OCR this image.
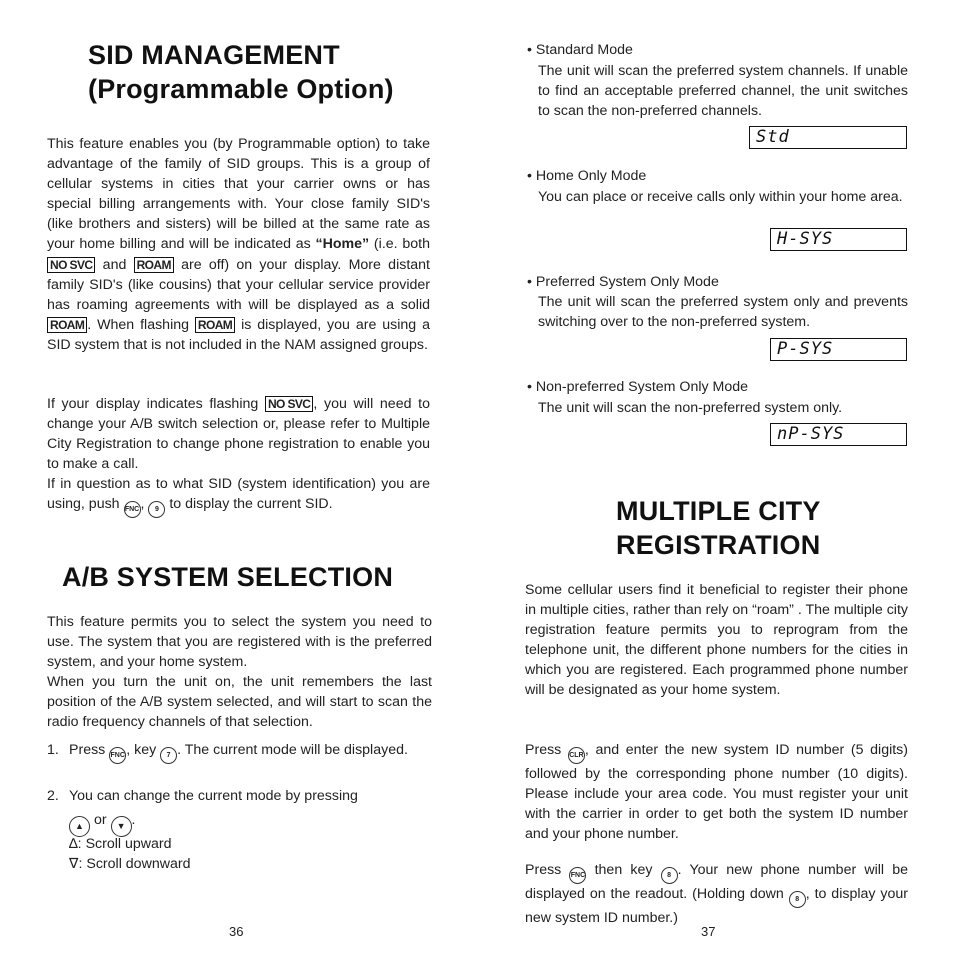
SID MANAGEMENT
(Programmable Option)
This feature enables you (by Programmable option) to take advantage of the family of SID groups. This is a group of cellular systems in cities that your carrier owns or has special billing arrangements with. Your close family SID's (like brothers and sisters) will be billed at the same rate as your home billing and will be indicated as “Home” (i.e. both NO SVC and ROAM are off) on your display. More distant family SID's (like cousins) that your cellular service provider has roaming agreements with will be displayed as a solid ROAM . When flashing ROAM is displayed, you are using a SID system that is not included in the NAM assigned groups.
If your display indicates flashing NO SVC , you will need to change your A/B switch selection or, please refer to Multiple City Registration to change phone registration to enable you to make a call.
If in question as to what SID (system identification) you are using, push FNC, 9 to display the current SID.
A/B SYSTEM SELECTION
This feature permits you to select the system you need to use. The system that you are registered with is the preferred system, and your home system.
When you turn the unit on, the unit remembers the last position of the A/B system selected, and will start to scan the radio frequency channels of that selection.
1. Press FNC, key 7 . The current mode will be displayed.
2. You can change the current mode by pressing
▲ or ▼ .
∆: Scroll upward
∇: Scroll downward
36
• Standard Mode
The unit will scan the preferred system channels. If unable to find an acceptable preferred channel, the unit switches to scan the non-preferred channels.
Std
• Home Only Mode
You can place or receive calls only within your home area.
H-SYS
• Preferred System Only Mode
The unit will scan the preferred system only and prevents switching over to the non-preferred system.
P-SYS
• Non-preferred System Only Mode
The unit will scan the non-preferred system only.
nP-SYS
MULTIPLE CITY
REGISTRATION
Some cellular users find it beneficial to register their phone in multiple cities, rather than rely on “roam” . The multiple city registration feature permits you to reprogram from the telephone unit, the different phone numbers for the cities in which you are registered. Each programmed phone number will be designated as your home system.
Press CLR, and enter the new system ID number (5 digits) followed by the corresponding phone number (10 digits). Please include your area code. You must register your unit with the carrier in order to get both the system ID number and your phone number.
Press FNC then key 8 . Your new phone number will be displayed on the readout. (Holding down 8 , to display your new system ID number.)
37
